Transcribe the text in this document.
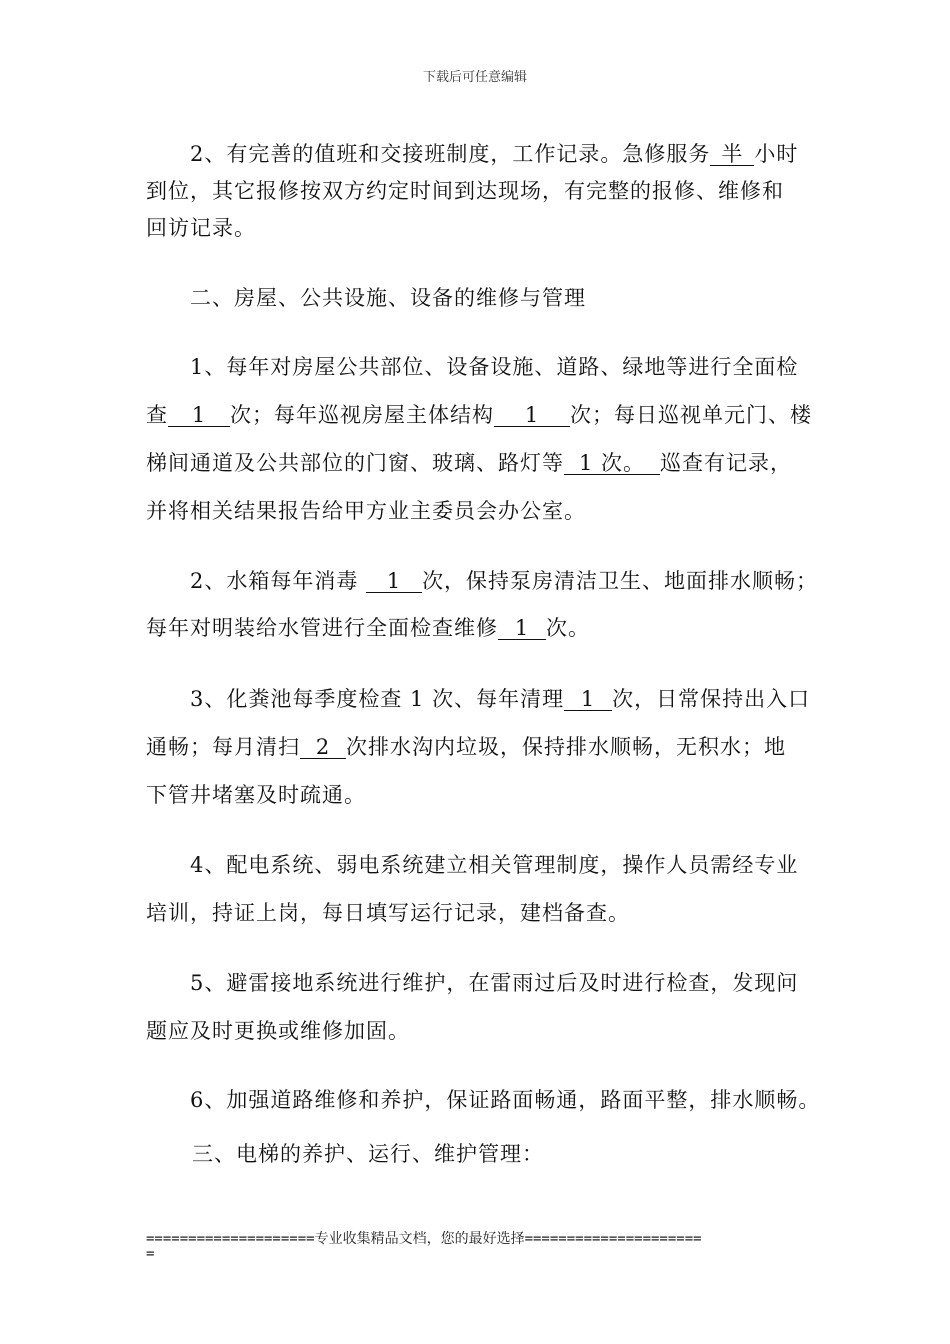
下载后可任意编辑
2、有完善的值班和交接班制度，工作记录。急修服务 半 小时
到位，其它报修按双方约定时间到达现场，有完整的报修、维修和
回访记录。
二、房屋、公共设施、设备的维修与管理
1、每年对房屋公共部位、设备设施、道路、绿地等进行全面检
查 1 次；每年巡视房屋主体结构 1 次；每日巡视单元门、楼
梯间通道及公共部位的门窗、玻璃、路灯等 1 次。 巡查有记录，
并将相关结果报告给甲方业主委员会办公室。
2、水箱每年消毒 1 次，保持泵房清洁卫生、地面排水顺畅；
每年对明装给水管进行全面检查维修 1 次。
3、化粪池每季度检查 1 次、每年清理 1 次，日常保持出入口
通畅；每月清扫 2 次排水沟内垃圾，保持排水顺畅，无积水；地
下管井堵塞及时疏通。
4、配电系统、弱电系统建立相关管理制度，操作人员需经专业
培训，持证上岗，每日填写运行记录，建档备查。
5、避雷接地系统进行维护，在雷雨过后及时进行检查，发现问
题应及时更换或维修加固。
6、加强道路维修和养护，保证路面畅通，路面平整，排水顺畅。
三、电梯的养护、运行、维护管理：
====================专业收集精品文档，您的最好选择=====================
=
